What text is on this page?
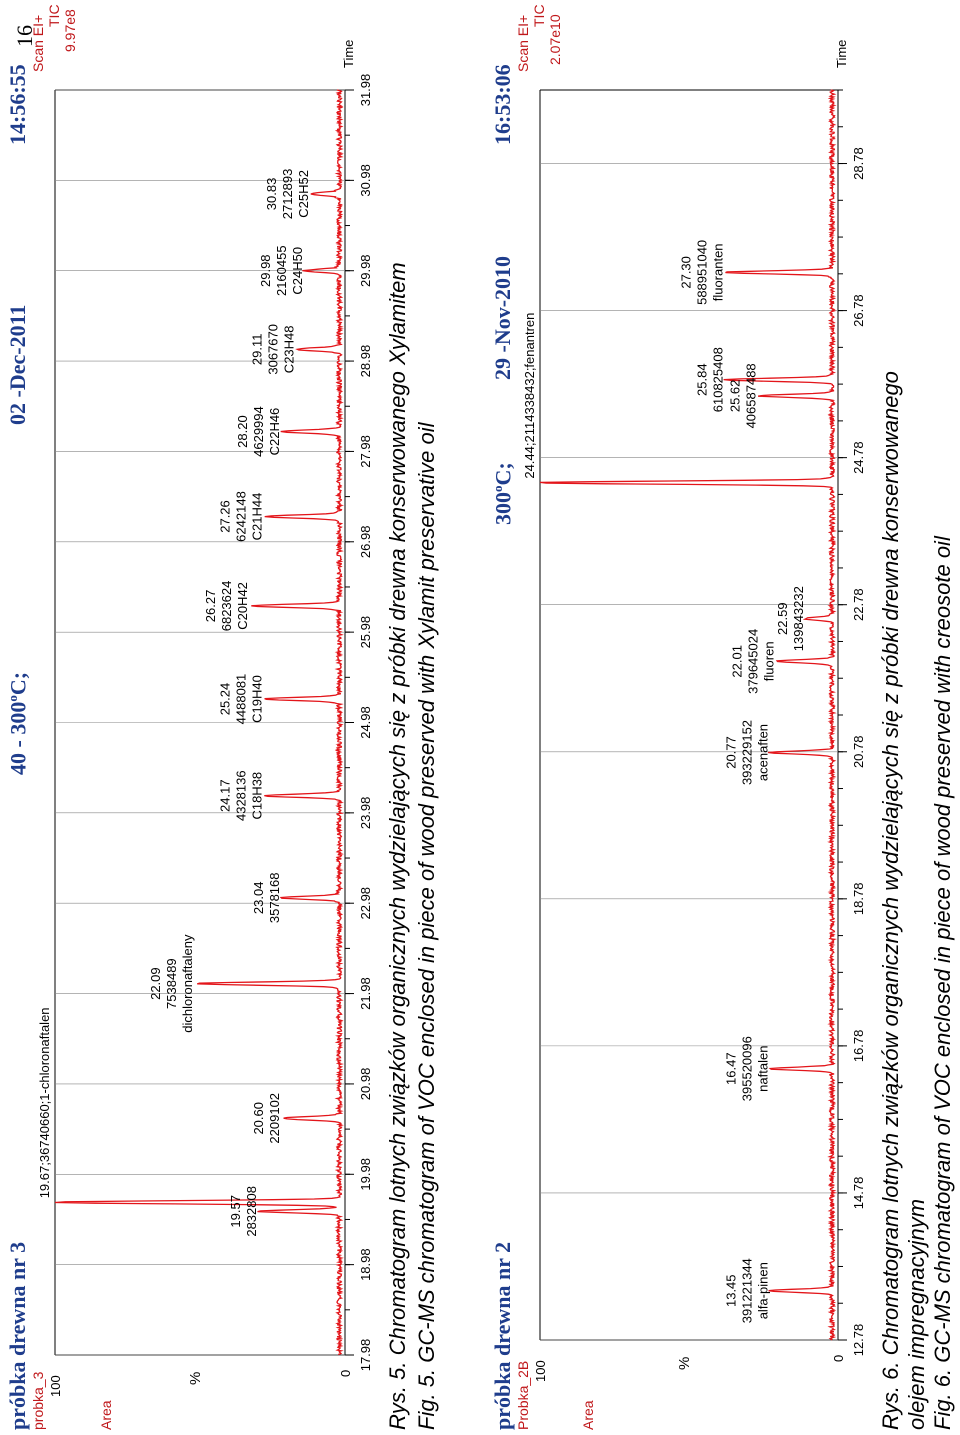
16
próbka drewna nr 3 probka_3
40 - 300$^o$C;
02 -Dec-2011
14:56:55
Scan EI+ TIC 9.97e8
Area
100	%	0
17.98
18.98
19.98
20.98
21.98
22.98
23.98
24.98
25.98
26.98
27.98
28.98
29.98
30.98
31.98
Time
19.57 2832808
19.67;36740660;1-chloronaftalen	20.60 2209102
22.09 7538489 dichloronaftaleny
23.04 3578168
24.17 4328136 C18H38
25.24 4488081 C19H40
26.27 6823624 C20H42
27.26 6242148 C21H44
28.20 4629994 C22H46
29.11 3067670 C23H48
29.98 2160455 C24H50
30.83 2712893 C25H52
Rys. 5. Chromatogram lotnych związków organicznych wydzielających się z próbki drewna konserwowanego Xylamitem Fig. 5. GC-MS chromatogram of VOC enclosed in piece of wood preserved with Xylamit preservative oil próbka drewna nr 2 Probka_2B
300$^o$C;
29 -Nov-2010
16:53:06
Scan EI+ TIC 2.07e10
Area
100	%	0
12.78
14.78
16.78
18.78
20.78
22.78
24.78
26.78
28.78
Time
13.45 391221344 alfa-pinen
16.47 395520096 naftalen
20.77 393229152 acenaften
22.01 379645024 fluoren
22.59 139843232
24.44;2114338432;fenantren	25.62 406587488
25.84 610825408
27.30 588951040 fluoranten
Rys. 6. Chromatogram lotnych związków organicznych wydzielających się z próbki drewna konserwowanego olejem impregnacyjnym Fig. 6. GC-MS chromatogram of VOC enclosed in piece of wood preserved with creosote oil
